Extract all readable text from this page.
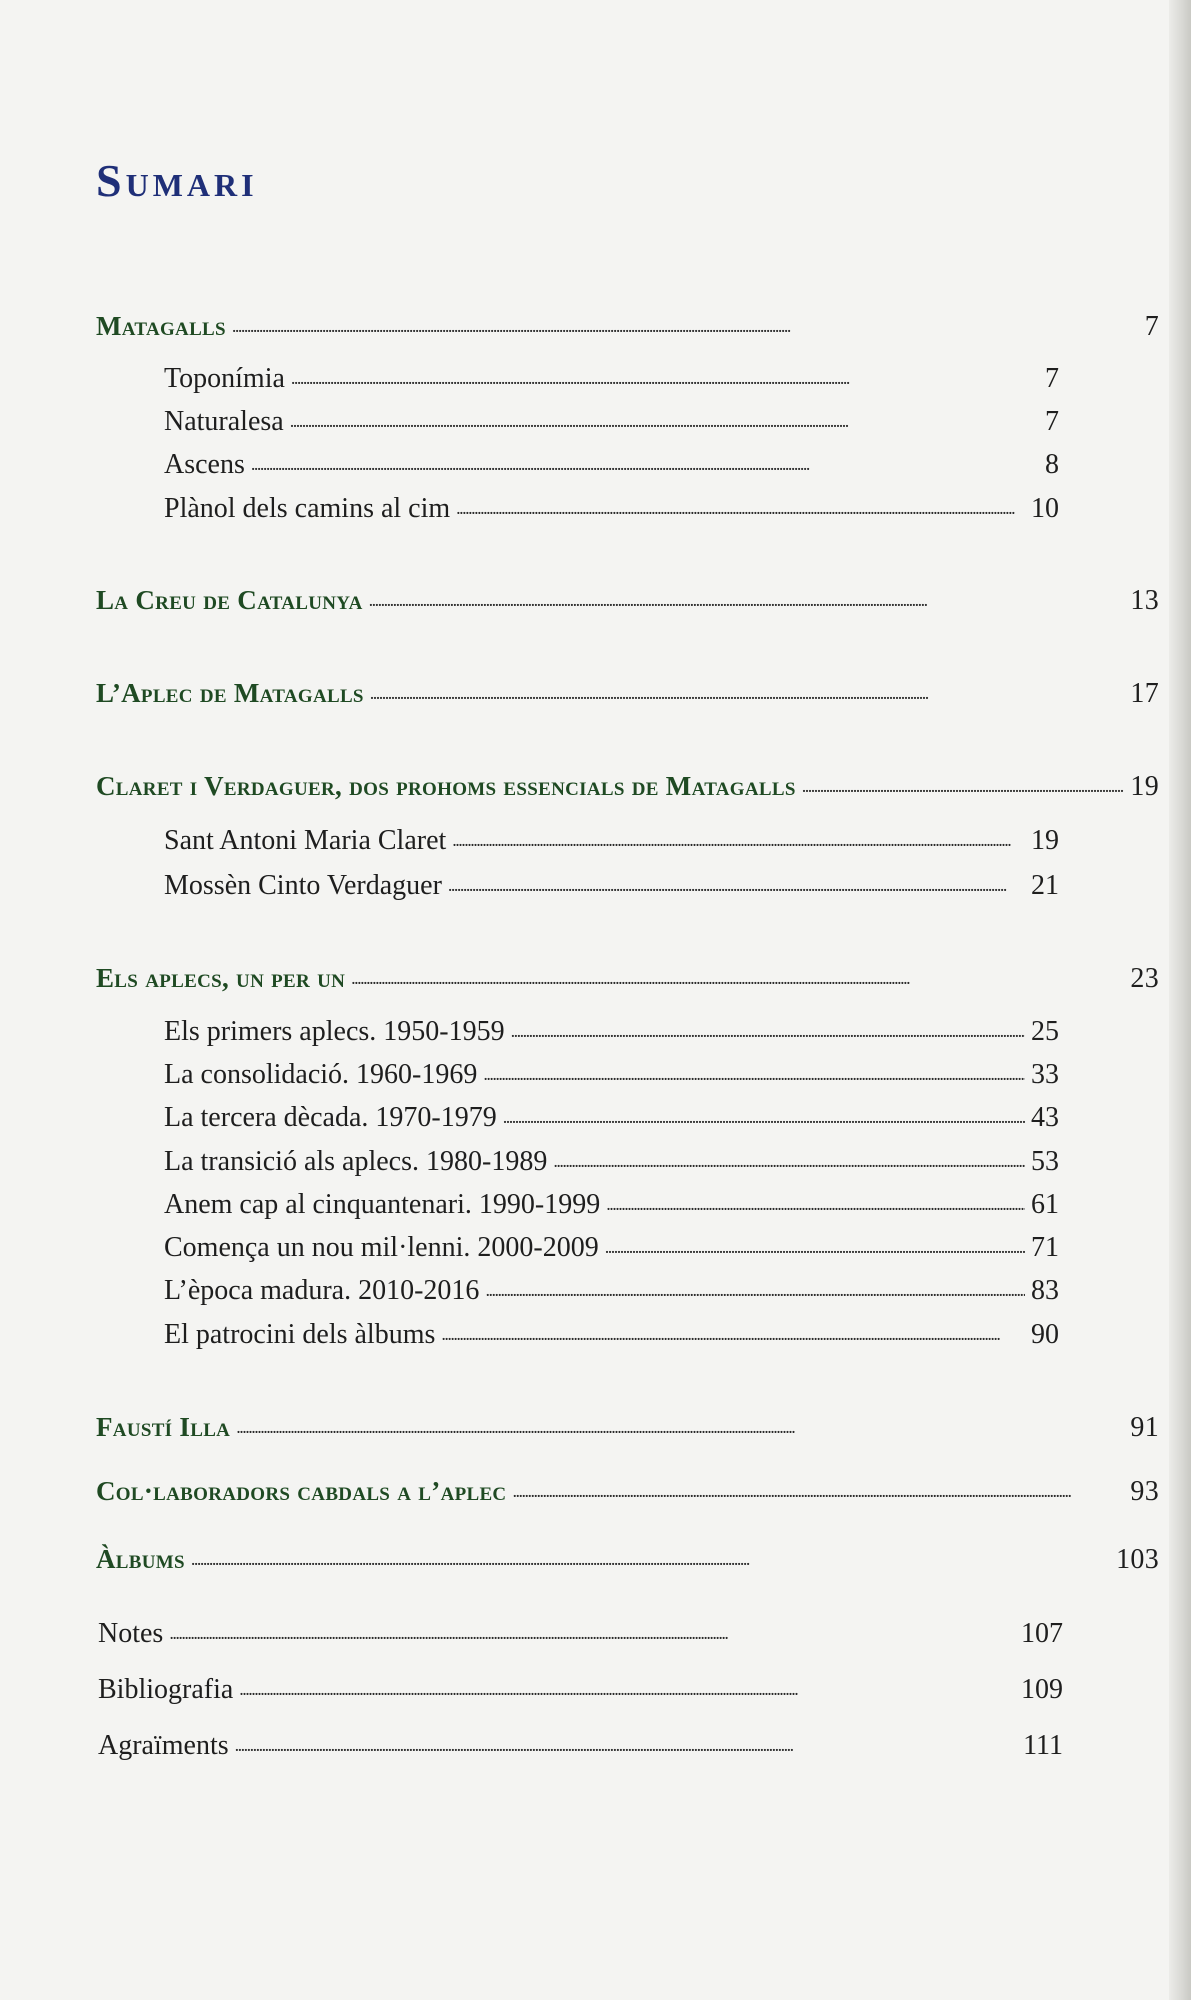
Sumari
Matagalls . . .	7
Toponímia . . .	7
Naturalesa . . .	7
Ascens . . .	8
Plànol dels camins al cim . . .	10
La Creu de Catalunya . . .	13
L’Aplec de Matagalls . . .	17
Claret i Verdaguer, dos prohoms essencials de Matagalls . . .	19
Sant Antoni Maria Claret . . .	19
Mossèn Cinto Verdaguer . . .	21
Els aplecs, un per un . . .	23
Els primers aplecs. 1950-1959 . . .	25
La consolidació. 1960-1969 . . .	33
La tercera dècada. 1970-1979 . . .	43
La transició als aplecs. 1980-1989 . . .	53
Anem cap al cinquantenari. 1990-1999 . . .	61
Comença un nou mil·lenni. 2000-2009 . . .	71
L’època madura. 2010-2016 . . .	83
El patrocini dels àlbums . . .	90
Faustí Illa . . .	91
Col·laboradors cabdals a l’aplec . . .	93
Àlbums . . .	103
Notes . . .	107
Bibliografia . . .	109
Agraïments . . .	111
